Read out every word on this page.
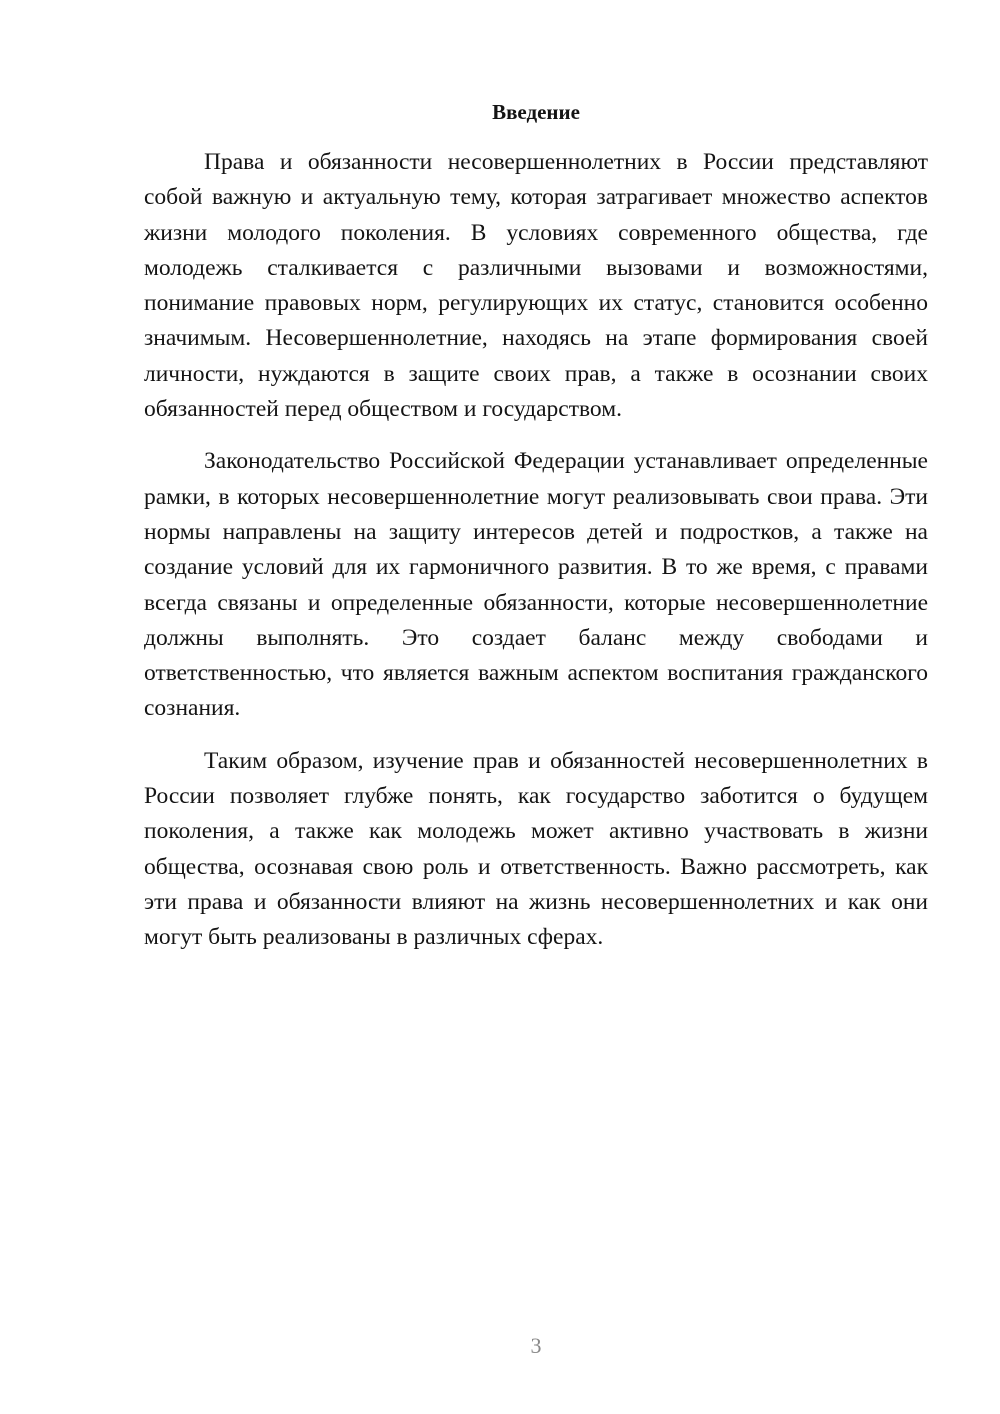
Введение

Права и обязанности несовершеннолетних в России представляют собой важную и актуальную тему, которая затрагивает множество аспектов жизни молодого поколения. В условиях современного общества, где молодежь сталкивается с различными вызовами и возможностями, понимание правовых норм, регулирующих их статус, становится особенно значимым. Несовершеннолетние, находясь на этапе формирования своей личности, нуждаются в защите своих прав, а также в осознании своих обязанностей перед обществом и государством.

Законодательство Российской Федерации устанавливает определенные рамки, в которых несовершеннолетние могут реализовывать свои права. Эти нормы направлены на защиту интересов детей и подростков, а также на создание условий для их гармоничного развития. В то же время, с правами всегда связаны и определенные обязанности, которые несовершеннолетние должны выполнять. Это создает баланс между свободами и ответственностью, что является важным аспектом воспитания гражданского сознания.

Таким образом, изучение прав и обязанностей несовершеннолетних в России позволяет глубже понять, как государство заботится о будущем поколения, а также как молодежь может активно участвовать в жизни общества, осознавая свою роль и ответственность. Важно рассмотреть, как эти права и обязанности влияют на жизнь несовершеннолетних и как они могут быть реализованы в различных сферах.

3
